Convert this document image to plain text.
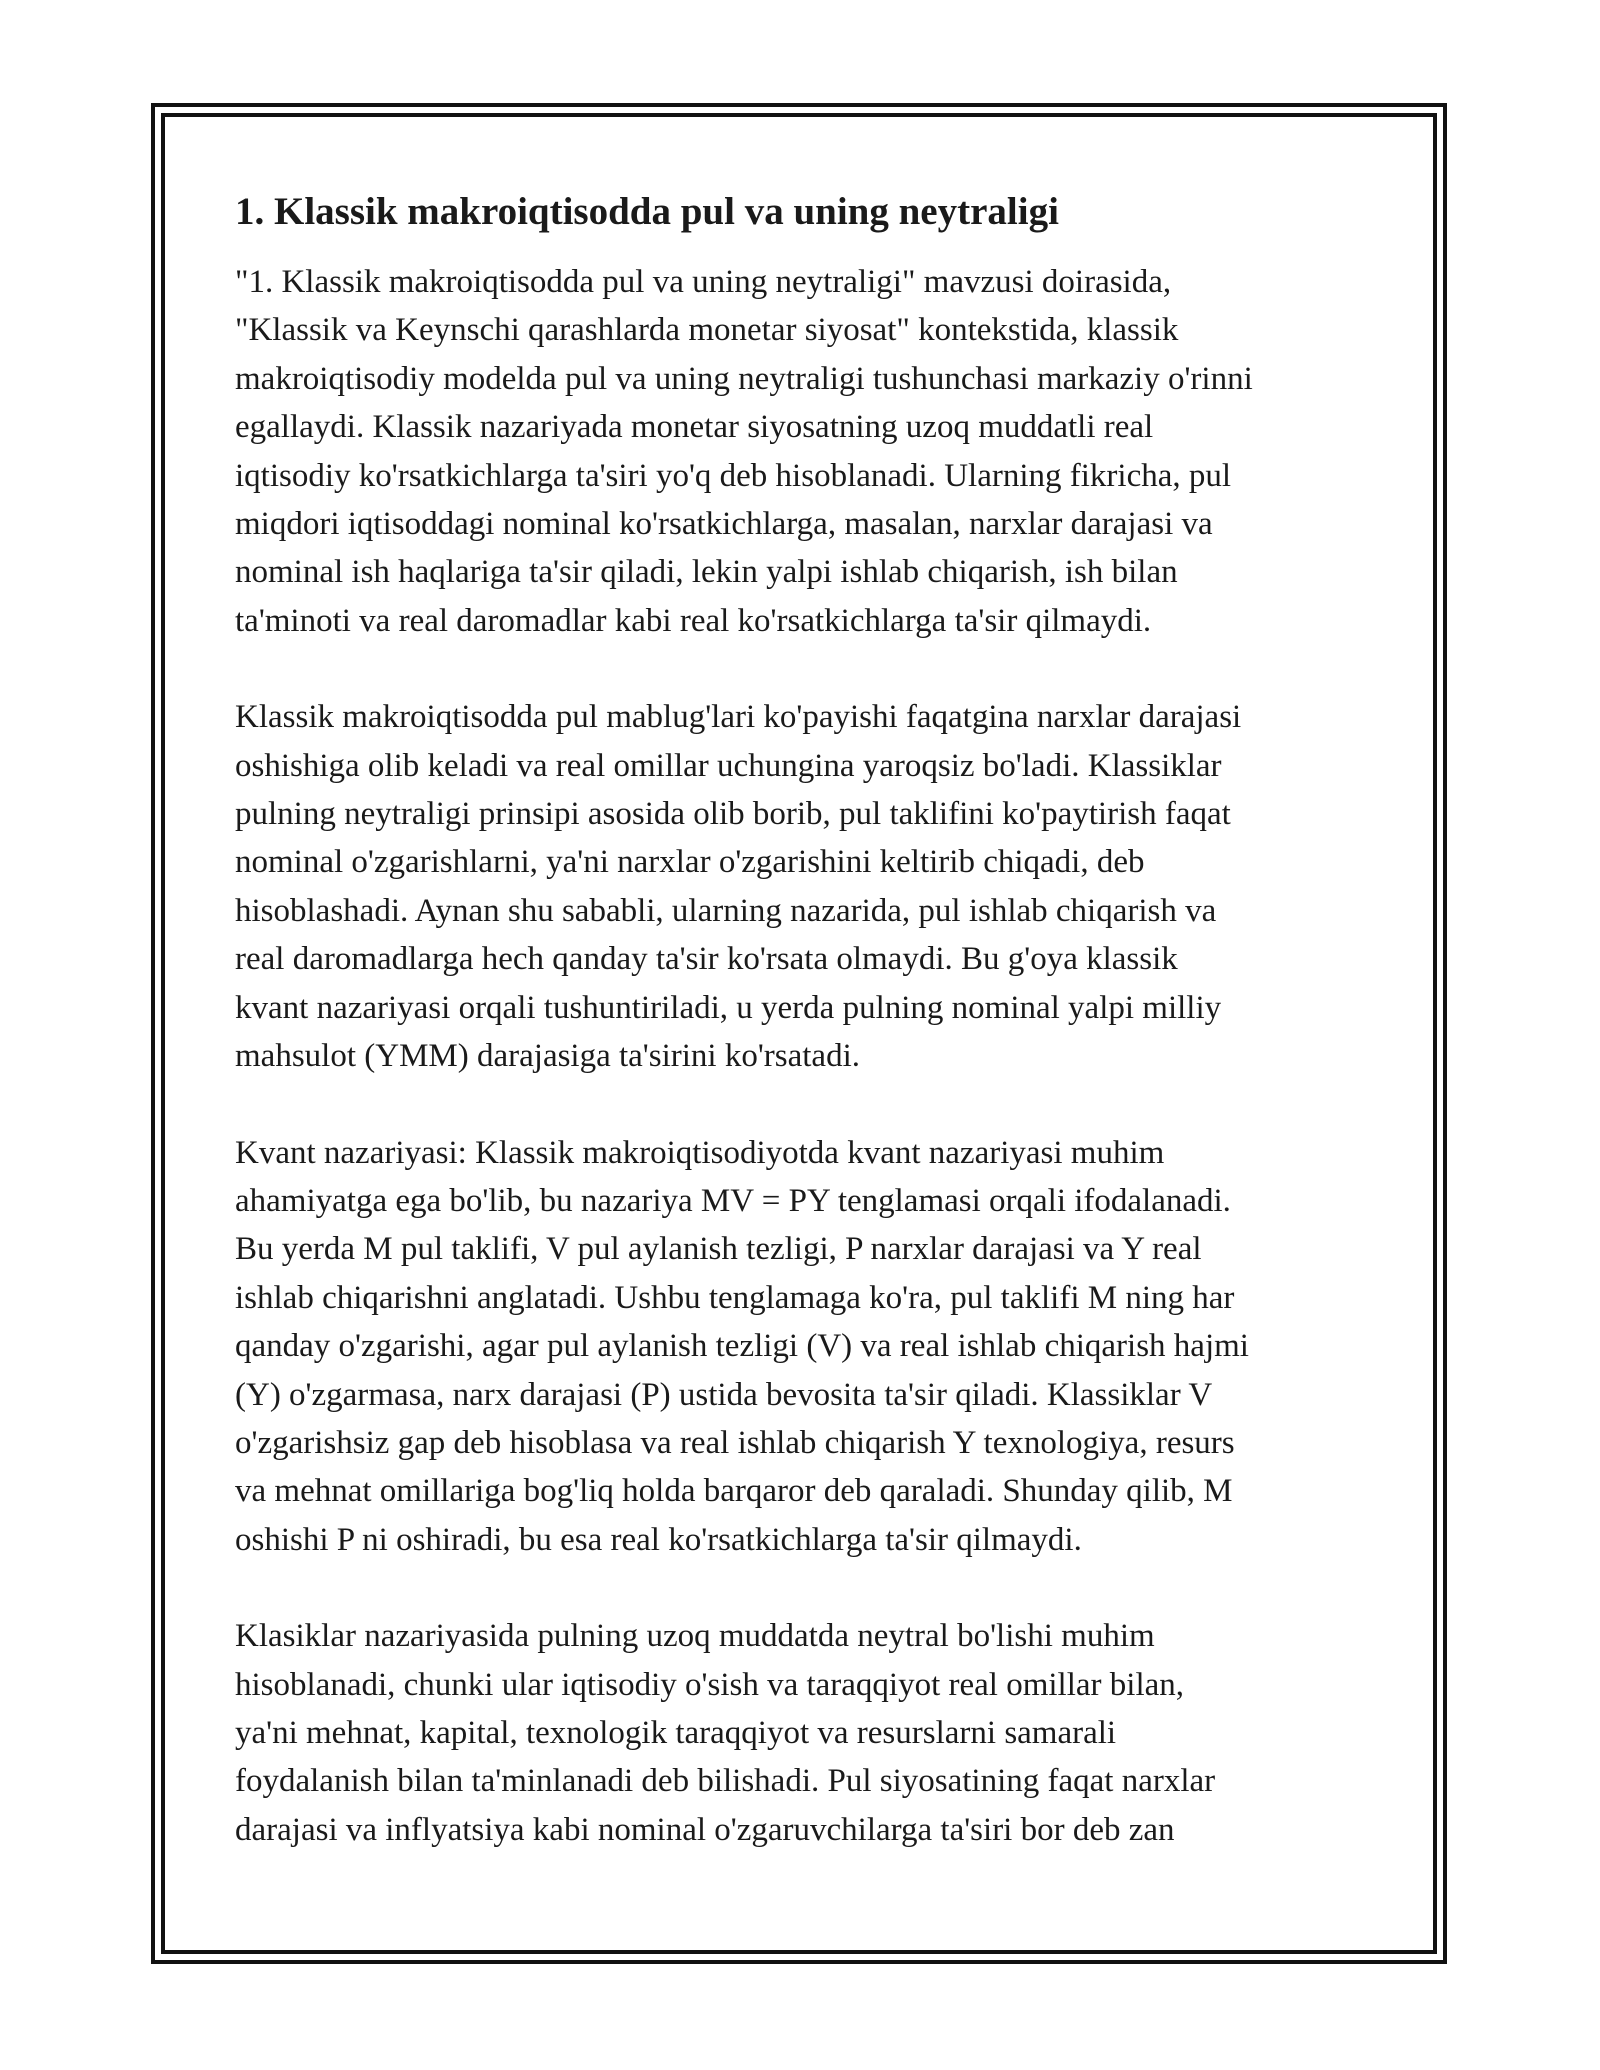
1. Klassik makroiqtisodda pul va uning neytraligi

"1. Klassik makroiqtisodda pul va uning neytraligi" mavzusi doirasida,
"Klassik va Keynschi qarashlarda monetar siyosat" kontekstida, klassik
makroiqtisodiy modelda pul va uning neytraligi tushunchasi markaziy o'rinni
egallaydi. Klassik nazariyada monetar siyosatning uzoq muddatli real
iqtisodiy ko'rsatkichlarga ta'siri yo'q deb hisoblanadi. Ularning fikricha, pul
miqdori iqtisoddagi nominal ko'rsatkichlarga, masalan, narxlar darajasi va
nominal ish haqlariga ta'sir qiladi, lekin yalpi ishlab chiqarish, ish bilan
ta'minoti va real daromadlar kabi real ko'rsatkichlarga ta'sir qilmaydi.

Klassik makroiqtisodda pul mablug'lari ko'payishi faqatgina narxlar darajasi
oshishiga olib keladi va real omillar uchungina yaroqsiz bo'ladi. Klassiklar
pulning neytraligi prinsipi asosida olib borib, pul taklifini ko'paytirish faqat
nominal o'zgarishlarni, ya'ni narxlar o'zgarishini keltirib chiqadi, deb
hisoblashadi. Aynan shu sababli, ularning nazarida, pul ishlab chiqarish va
real daromadlarga hech qanday ta'sir ko'rsata olmaydi. Bu g'oya klassik
kvant nazariyasi orqali tushuntiriladi, u yerda pulning nominal yalpi milliy
mahsulot (YMM) darajasiga ta'sirini ko'rsatadi.

Kvant nazariyasi: Klassik makroiqtisodiyotda kvant nazariyasi muhim
ahamiyatga ega bo'lib, bu nazariya MV = PY tenglamasi orqali ifodalanadi.
Bu yerda M pul taklifi, V pul aylanish tezligi, P narxlar darajasi va Y real
ishlab chiqarishni anglatadi. Ushbu tenglamaga ko'ra, pul taklifi M ning har
qanday o'zgarishi, agar pul aylanish tezligi (V) va real ishlab chiqarish hajmi
(Y) o'zgarmasa, narx darajasi (P) ustida bevosita ta'sir qiladi. Klassiklar V
o'zgarishsiz gap deb hisoblasa va real ishlab chiqarish Y texnologiya, resurs
va mehnat omillariga bog'liq holda barqaror deb qaraladi. Shunday qilib, M
oshishi P ni oshiradi, bu esa real ko'rsatkichlarga ta'sir qilmaydi.

Klasiklar nazariyasida pulning uzoq muddatda neytral bo'lishi muhim
hisoblanadi, chunki ular iqtisodiy o'sish va taraqqiyot real omillar bilan,
ya'ni mehnat, kapital, texnologik taraqqiyot va resurslarni samarali
foydalanish bilan ta'minlanadi deb bilishadi. Pul siyosatining faqat narxlar
darajasi va inflyatsiya kabi nominal o'zgaruvchilarga ta'siri bor deb zan
